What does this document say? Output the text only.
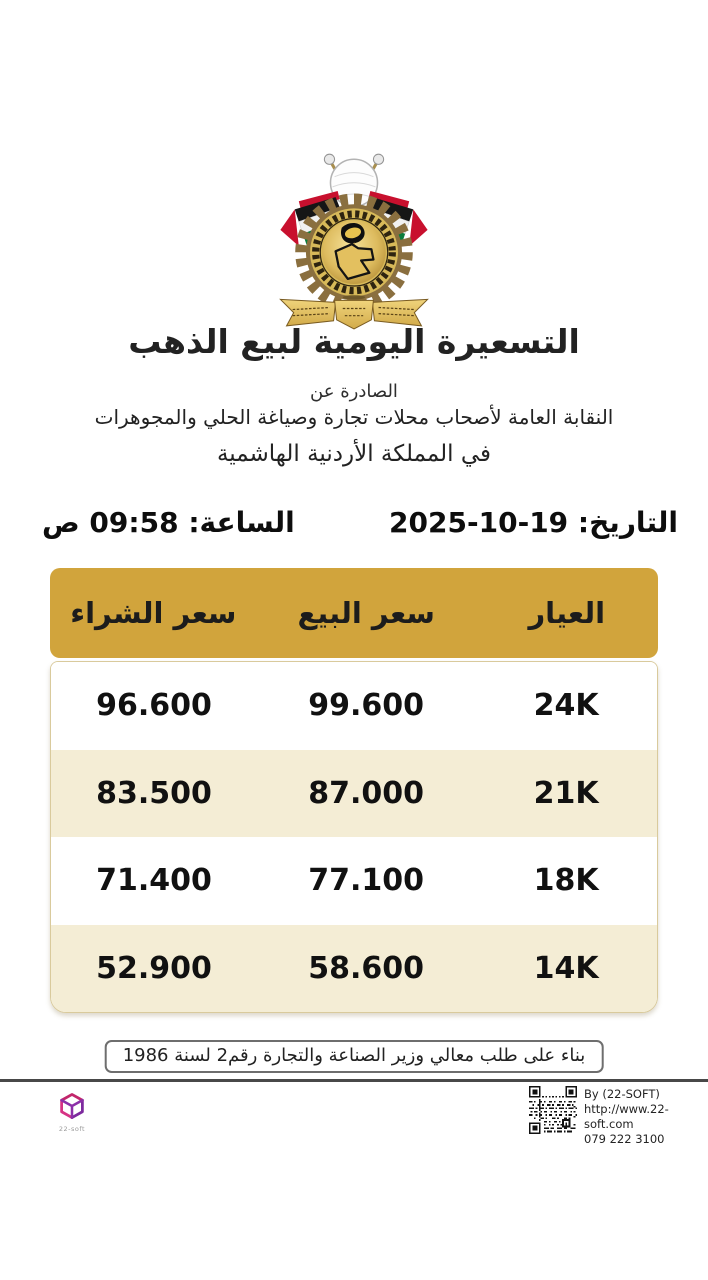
التسعيرة اليومية لبيع الذهب
الصادرة عن
النقابة العامة لأصحاب محلات تجارة وصياغة الحلي والمجوهرات
في المملكة الأردنية الهاشمية
التاريخ: 19-10-2025
الساعة: 09:58 ص
العيار
سعر البيع
سعر الشراء
24K
99.600
96.600
21K
87.000
83.500
18K
77.100
71.400
14K
58.600
52.900
بناء على طلب معالي وزير الصناعة والتجارة رقم2 لسنة 1986
22-soft
By (22-SOFT)
http://www.22-soft.com
079 222 3100
